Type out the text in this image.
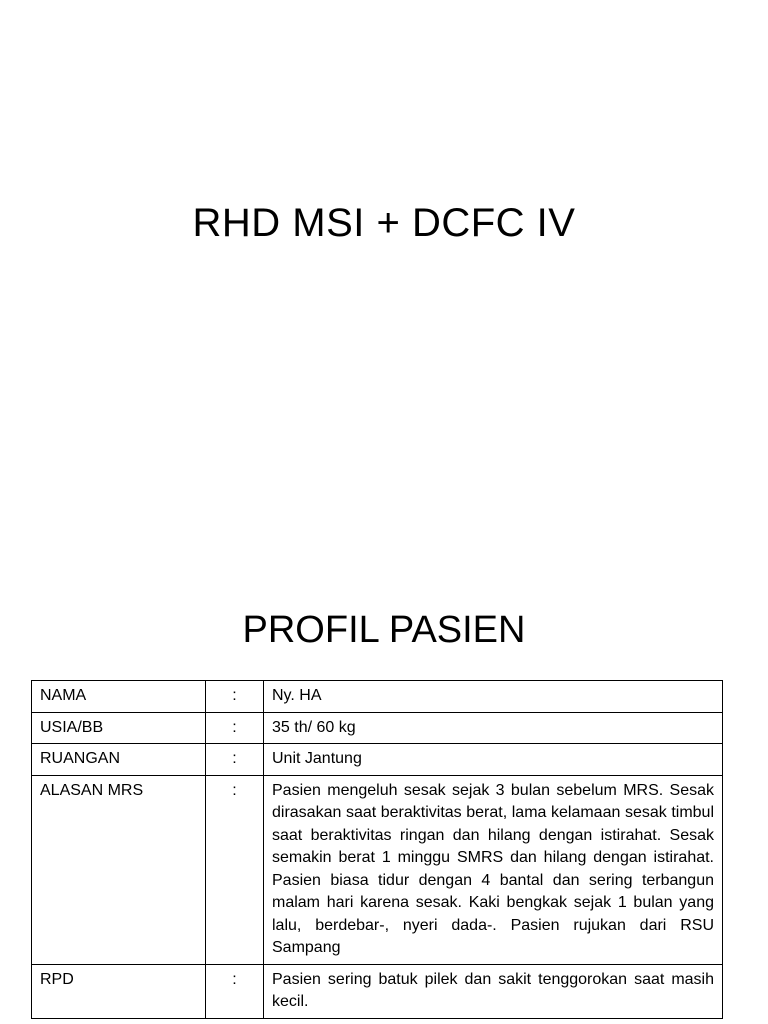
RHD MSI + DCFC IV
PROFIL PASIEN
NAMA	:	Ny. HA
USIA/BB	:	35 th/ 60 kg
RUANGAN	:	Unit Jantung
ALASAN MRS	:	Pasien mengeluh sesak sejak 3 bulan sebelum MRS. Sesak dirasakan saat beraktivitas berat, lama kelamaan sesak timbul saat beraktivitas ringan dan hilang dengan istirahat. Sesak semakin berat 1 minggu SMRS dan hilang dengan istirahat. Pasien biasa tidur dengan 4 bantal dan sering terbangun malam hari karena sesak. Kaki bengkak sejak 1 bulan yang lalu, berdebar-, nyeri dada-. Pasien rujukan dari RSU Sampang
RPD	:	Pasien sering batuk pilek dan sakit tenggorokan saat masih kecil.
